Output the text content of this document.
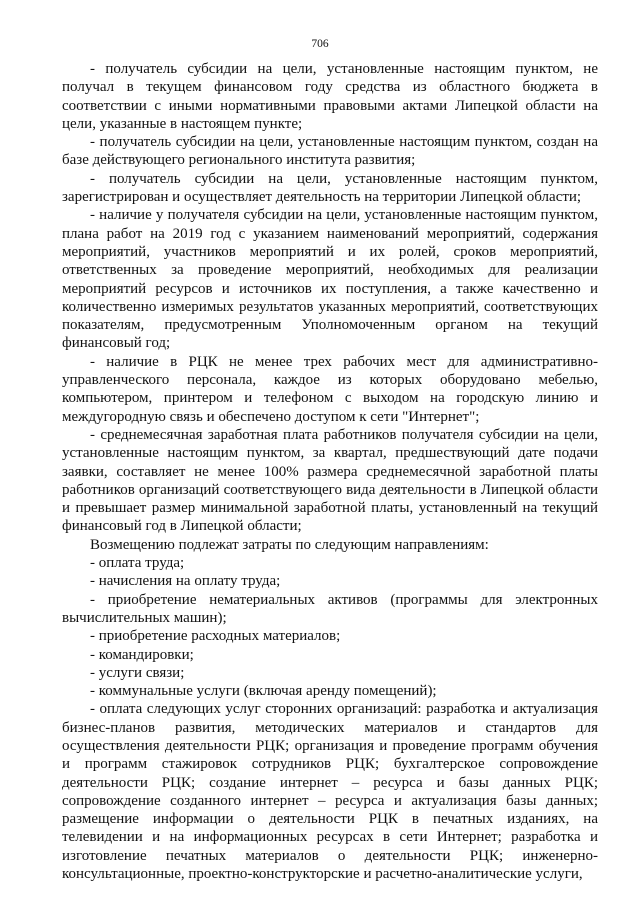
706

- получатель субсидии на цели, установленные настоящим пунктом, не получал в текущем финансовом году средства из областного бюджета в соответствии с иными нормативными правовыми актами Липецкой области на цели, указанные в настоящем пункте;

- получатель субсидии на цели, установленные настоящим пунктом, создан на базе действующего регионального института развития;

- получатель субсидии на цели, установленные настоящим пунктом, зарегистрирован и осуществляет деятельность на территории Липецкой области;

- наличие у получателя субсидии на цели, установленные настоящим пунктом, плана работ на 2019 год с указанием наименований мероприятий, содержания мероприятий, участников мероприятий и их ролей, сроков мероприятий, ответственных за проведение мероприятий, необходимых для реализации мероприятий ресурсов и источников их поступления, а также качественно и количественно измеримых результатов указанных мероприятий, соответствующих показателям, предусмотренным Уполномоченным органом на текущий финансовый год;

- наличие в РЦК не менее трех рабочих мест для административно-управленческого персонала, каждое из которых оборудовано мебелью, компьютером, принтером и телефоном с выходом на городскую линию и междугородную связь и обеспечено доступом к сети "Интернет";

- среднемесячная заработная плата работников получателя субсидии на цели, установленные настоящим пунктом, за квартал, предшествующий дате подачи заявки, составляет не менее 100% размера среднемесячной заработной платы работников организаций соответствующего вида деятельности в Липецкой области и превышает размер минимальной заработной платы, установленный на текущий финансовый год в Липецкой области;

Возмещению подлежат затраты по следующим направлениям:

- оплата труда;

- начисления на оплату труда;

- приобретение нематериальных активов (программы для электронных вычислительных машин);

- приобретение расходных материалов;

- командировки;

- услуги связи;

- коммунальные услуги (включая аренду помещений);

- оплата следующих услуг сторонних организаций: разработка и актуализация бизнес-планов развития, методических материалов и стандартов для осуществления деятельности РЦК; организация и проведение программ обучения и программ стажировок сотрудников РЦК; бухгалтерское сопровождение деятельности РЦК; создание интернет – ресурса и базы данных РЦК; сопровождение созданного интернет – ресурса и актуализация базы данных; размещение информации о деятельности РЦК в печатных изданиях, на телевидении и на информационных ресурсах в сети Интернет; разработка и изготовление печатных материалов о деятельности РЦК; инженерно-консультационные, проектно-конструкторские и расчетно-аналитические услуги,
